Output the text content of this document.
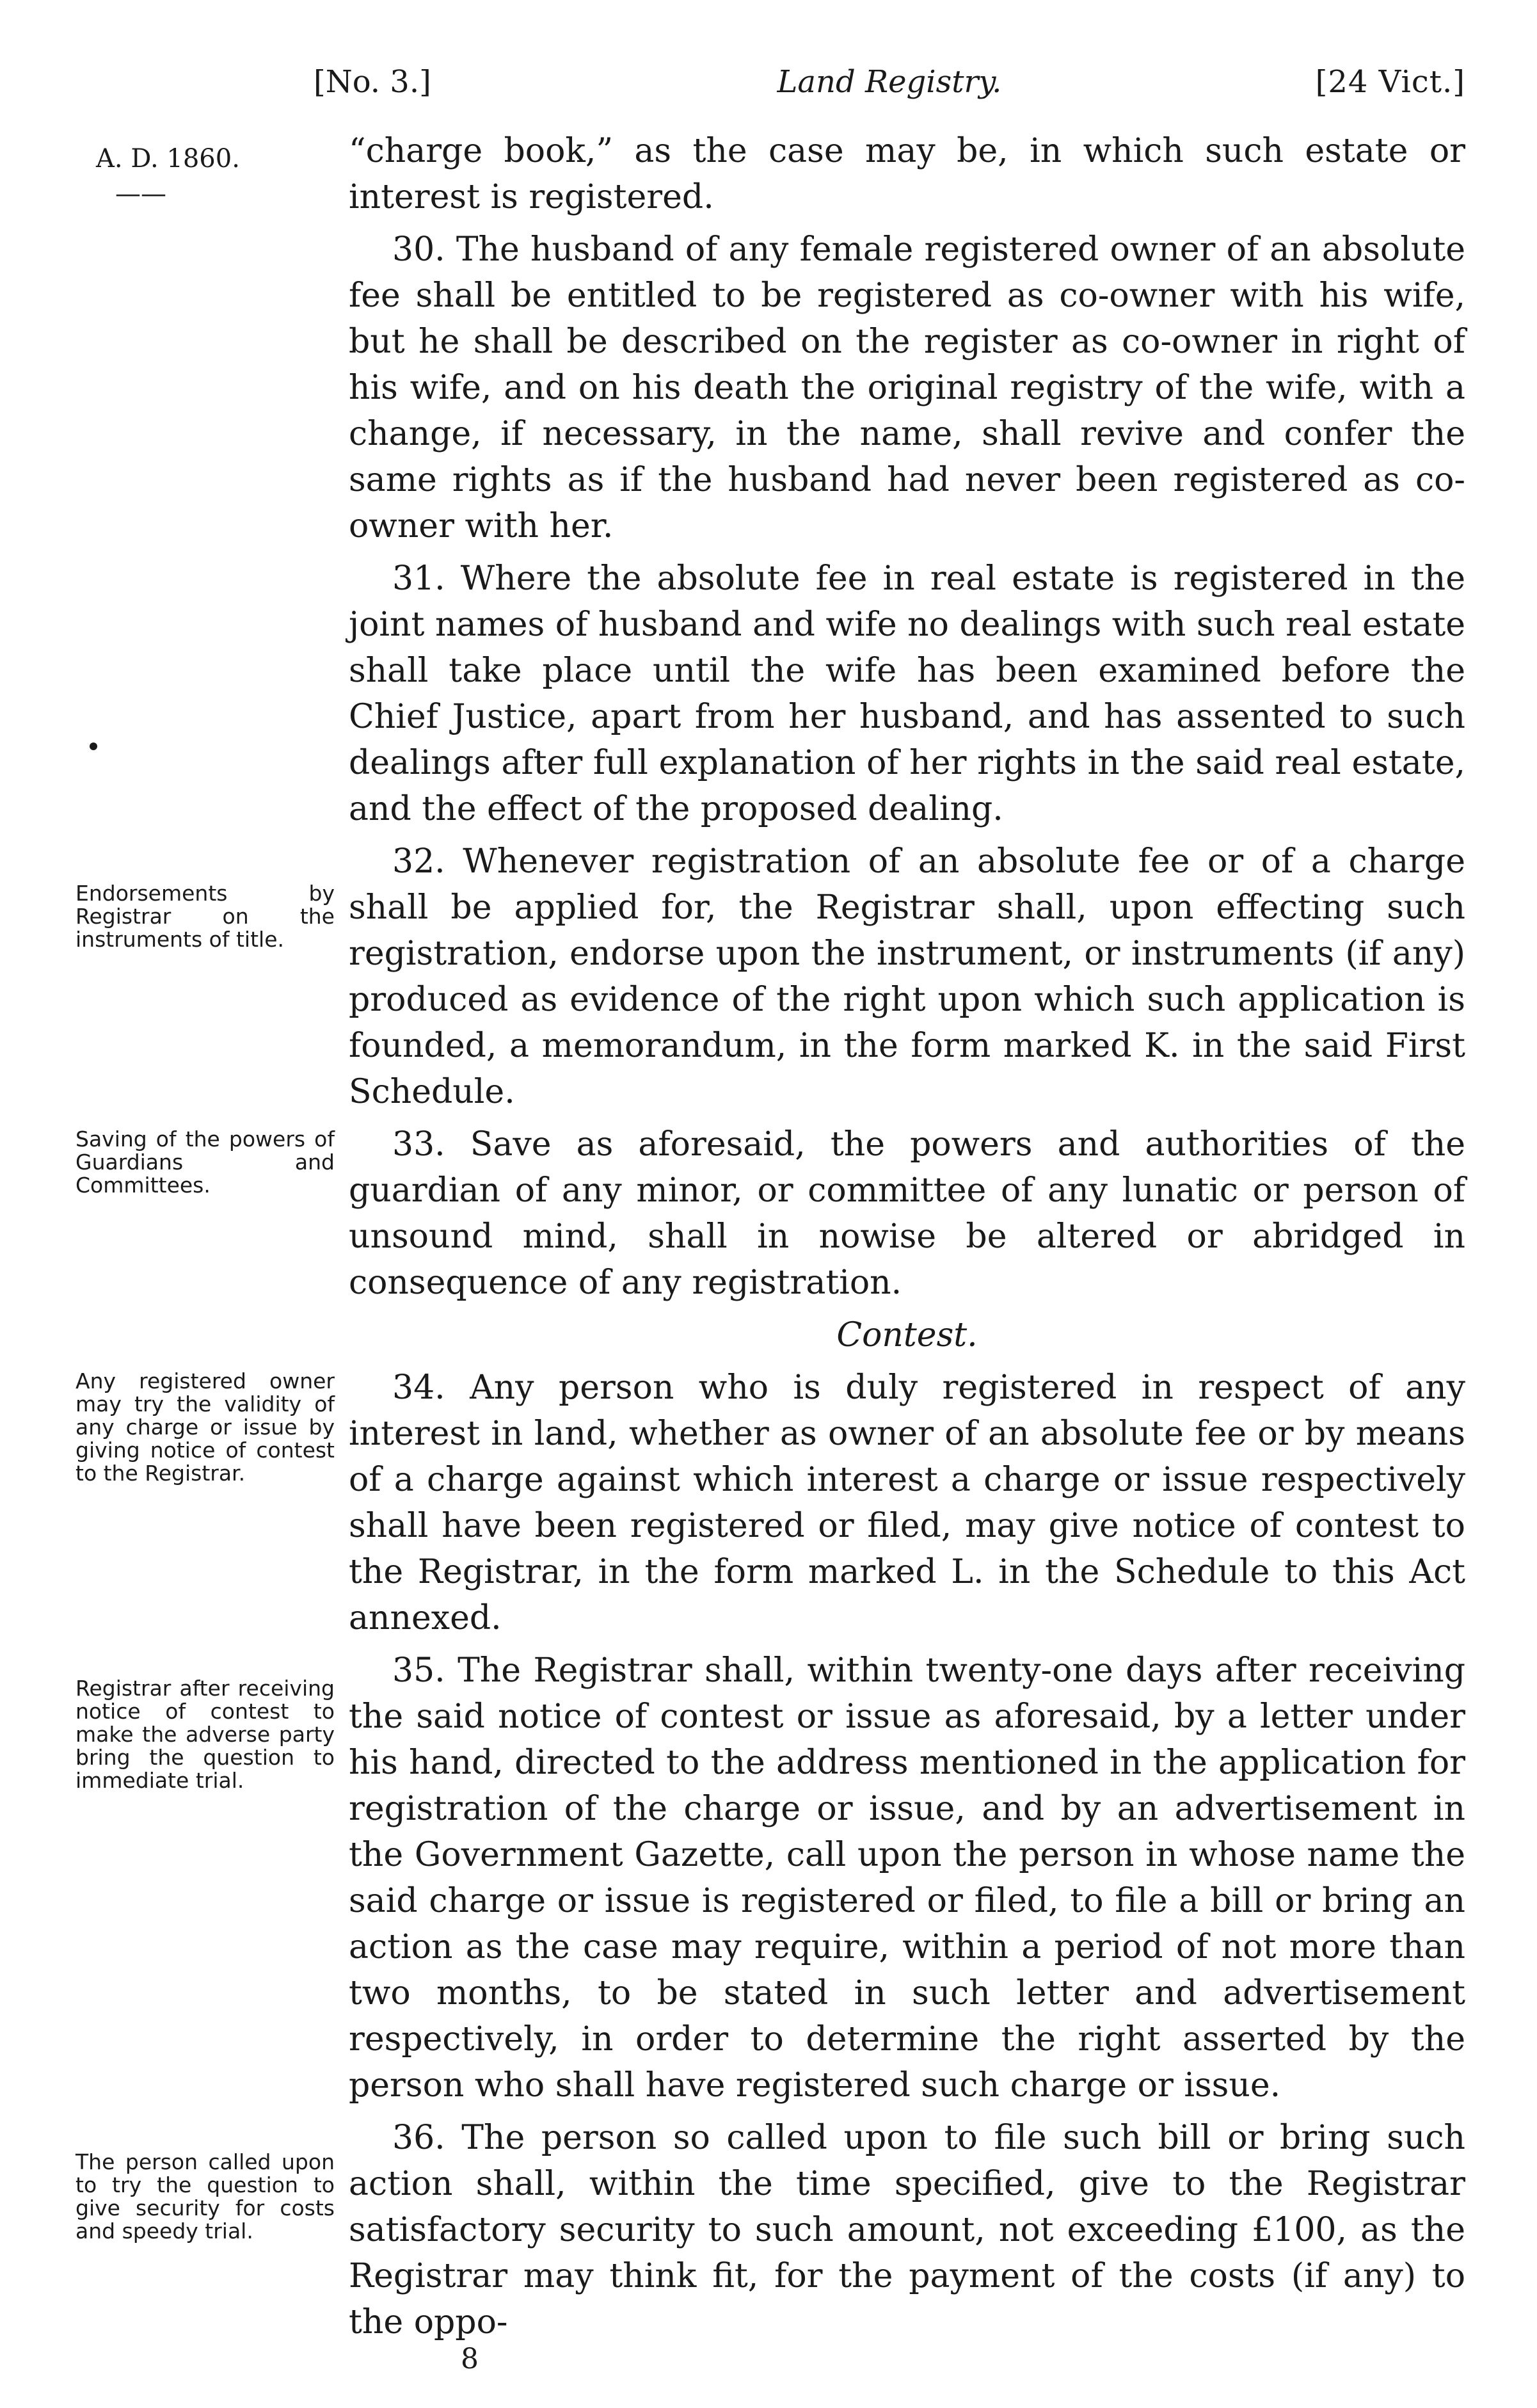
[No. 3.]	Land Registry.	[24 Vict.]
A. D. 1860.
——

“charge book,” as the case may be, in which such estate or interest is registered.

30. The husband of any female registered owner of an absolute fee shall be entitled to be registered as co-owner with his wife, but he shall be described on the register as co-owner in right of his wife, and on his death the original registry of the wife, with a change, if necessary, in the name, shall revive and confer the same rights as if the husband had never been registered as co-owner with her.

31. Where the absolute fee in real estate is registered in the joint names of husband and wife no dealings with such real estate shall take place until the wife has been examined before the Chief Justice, apart from her husband, and has assented to such dealings after full explanation of her rights in the said real estate, and the effect of the proposed dealing.

32. Whenever registration of an absolute fee or of a charge shall be applied for, the Registrar shall, upon effecting such registration, endorse upon the instrument, or instruments (if any) produced as evidence of the right upon which such application is founded, a memorandum, in the form marked K. in the said First Schedule.

33. Save as aforesaid, the powers and authorities of the guardian of any minor, or committee of any lunatic or person of unsound mind, shall in nowise be altered or abridged in consequence of any registration.

Contest.

34. Any person who is duly registered in respect of any interest in land, whether as owner of an absolute fee or by means of a charge against which interest a charge or issue respectively shall have been registered or filed, may give notice of contest to the Registrar, in the form marked L. in the Schedule to this Act annexed.

35. The Registrar shall, within twenty-one days after receiving the said notice of contest or issue as aforesaid, by a letter under his hand, directed to the address mentioned in the application for registration of the charge or issue, and by an advertisement in the Government Gazette, call upon the person in whose name the said charge or issue is registered or filed, to file a bill or bring an action as the case may require, within a period of not more than two months, to be stated in such letter and advertisement respectively, in order to determine the right asserted by the person who shall have registered such charge or issue.

36. The person so called upon to file such bill or bring such action shall, within the time specified, give to the Registrar satisfactory security to such amount, not exceeding £100, as the Registrar may think fit, for the payment of the costs (if any) to the oppo-

Endorsements by Registrar on the instruments of title.
Saving of the powers of Guardians and Committees.
Any registered owner may try the validity of any charge or issue by giving notice of contest to the Registrar.
Registrar after receiving notice of contest to make the adverse party bring the question to immediate trial.
The person called upon to try the question to give security for costs and speedy trial.
8
